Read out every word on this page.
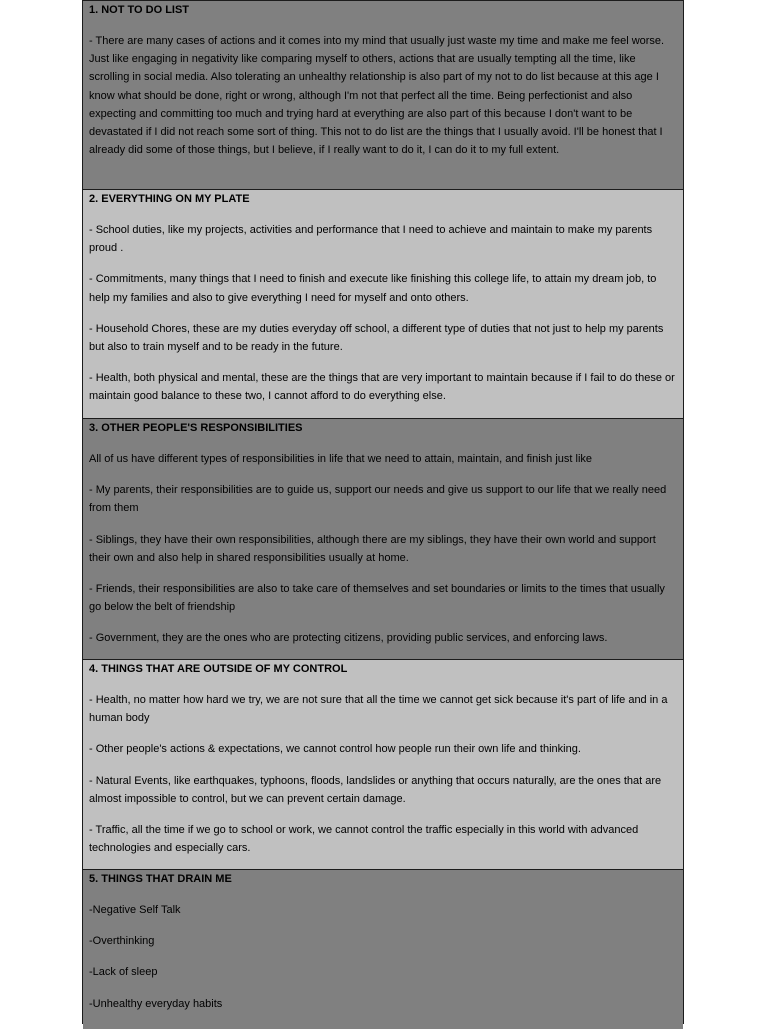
1. NOT TO DO LIST

- There are many cases of actions and it comes into my mind that usually just waste my time and make me feel worse. Just like engaging in negativity like comparing myself to others, actions that are usually tempting all the time, like scrolling in social media. Also tolerating an unhealthy relationship is also part of my not to do list because at this age I know what should be done, right or wrong, although I'm not that perfect all the time. Being perfectionist and also expecting and committing too much and trying hard at everything are also part of this because I don't want to be devastated if I did not reach some sort of thing. This not to do list are the things that I usually avoid. I'll be honest that I already did some of those things, but I believe, if I really want to do it, I can do it to my full extent.

2. EVERYTHING ON MY PLATE

- School duties, like my projects, activities and performance that I need to achieve and maintain to make my parents proud .

- Commitments, many things that I need to finish and execute like finishing this college life, to attain my dream job, to help my families and also to give everything I need for myself and onto others.

- Household Chores, these are my duties everyday off school, a different type of duties that not just to help my parents but also to train myself and to be ready in the future.

- Health, both physical and mental, these are the things that are very important to maintain because if I fail to do these or maintain good balance to these two, I cannot afford to do everything else.

3. OTHER PEOPLE'S RESPONSIBILITIES

All of us have different types of responsibilities in life that we need to attain, maintain, and finish just like

- My parents, their responsibilities are to guide us, support our needs and give us support to our life that we really need from them

- Siblings, they have their own responsibilities, although there are my siblings, they have their own world and support their own and also help in shared responsibilities usually at home.

- Friends, their responsibilities are also to take care of themselves and set boundaries or limits to the times that usually go below the belt of friendship

- Government, they are the ones who are protecting citizens, providing public services, and enforcing laws.

4. THINGS THAT ARE OUTSIDE OF MY CONTROL

- Health, no matter how hard we try, we are not sure that all the time we cannot get sick because it's part of life and in a human body

- Other people's actions & expectations, we cannot control how people run their own life and thinking.

- Natural Events, like earthquakes, typhoons, floods, landslides or anything that occurs naturally, are the ones that are almost impossible to control, but we can prevent certain damage.

- Traffic, all the time if we go to school or work, we cannot control the traffic especially in this world with advanced technologies and especially cars.

5. THINGS THAT DRAIN ME

-Negative Self Talk

-Overthinking

-Lack of sleep

-Unhealthy everyday habits
